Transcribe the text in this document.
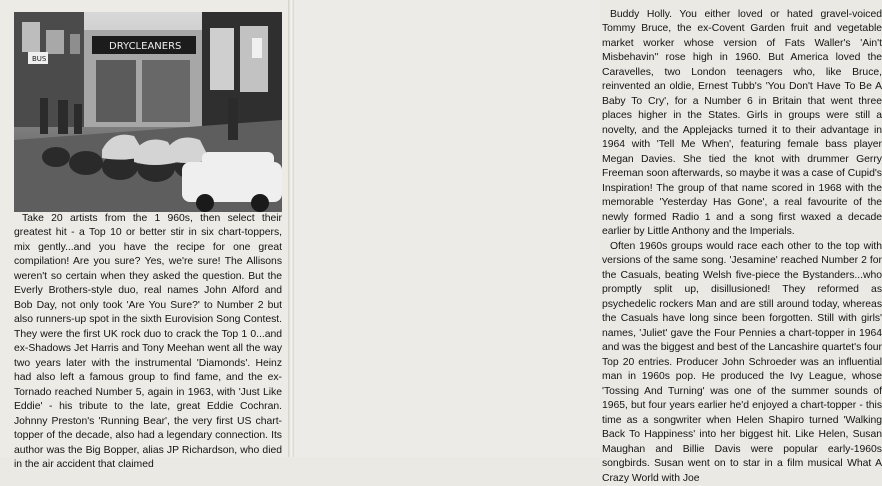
DRYCLEANERS
BUS

Take 20 artists from the 1 960s, then select their greatest hit - a Top 10 or better stir in six chart-toppers, mix gently...and you have the recipe for one great compilation! Are you sure? Yes, we're sure! The Allisons weren't so certain when they asked the question. But the Everly Brothers-style duo, real names John Alford and Bob Day, not only took 'Are You Sure?' to Number 2 but also runners-up spot in the sixth Eurovision Song Contest. They were the first UK rock duo to crack the Top 1 0...and ex-Shadows Jet Harris and Tony Meehan went all the way two years later with the instrumental 'Diamonds'. Heinz had also left a famous group to find fame, and the ex-Tornado reached Number 5, again in 1963, with 'Just Like Eddie' - his tribute to the late, great Eddie Cochran. Johnny Preston's 'Running Bear', the very first US chart-topper of the decade, also had a legendary connection. Its author was the Big Bopper, alias JP Richardson, who died in the air accident that claimed

Buddy Holly. You either loved or hated gravel-voiced Tommy Bruce, the ex-Covent Garden fruit and vegetable market worker whose version of Fats Waller's 'Ain't Misbehavin'' rose high in 1960. But America loved the Caravelles, two London teenagers who, like Bruce, reinvented an oldie, Ernest Tubb's 'You Don't Have To Be A Baby To Cry', for a Number 6 in Britain that went three places higher in the States. Girls in groups were still a novelty, and the Applejacks turned it to their advantage in 1964 with 'Tell Me When', featuring female bass player Megan Davies. She tied the knot with drummer Gerry Freeman soon afterwards, so maybe it was a case of Cupid's Inspiration! The group of that name scored in 1968 with the memorable 'Yesterday Has Gone', a real favourite of the newly formed Radio 1 and a song first waxed a decade earlier by Little Anthony and the Imperials.

Often 1960s groups would race each other to the top with versions of the same song. 'Jesamine' reached Number 2 for the Casuals, beating Welsh five-piece the Bystanders...who promptly split up, disillusioned! They reformed as psychedelic rockers Man and are still around today, whereas the Casuals have long since been forgotten. Still with girls' names, 'Juliet' gave the Four Pennies a chart-topper in 1964 and was the biggest and best of the Lancashire quartet's four Top 20 entries. Producer John Schroeder was an influential man in 1960s pop. He produced the Ivy League, whose 'Tossing And Turning' was one of the summer sounds of 1965, but four years earlier he'd enjoyed a chart-topper - this time as a songwriter when Helen Shapiro turned 'Walking Back To Happiness' into her biggest hit. Like Helen, Susan Maughan and Billie Davis were popular early-1960s songbirds. Susan went on to star in a film musical What A Crazy World with Joe
